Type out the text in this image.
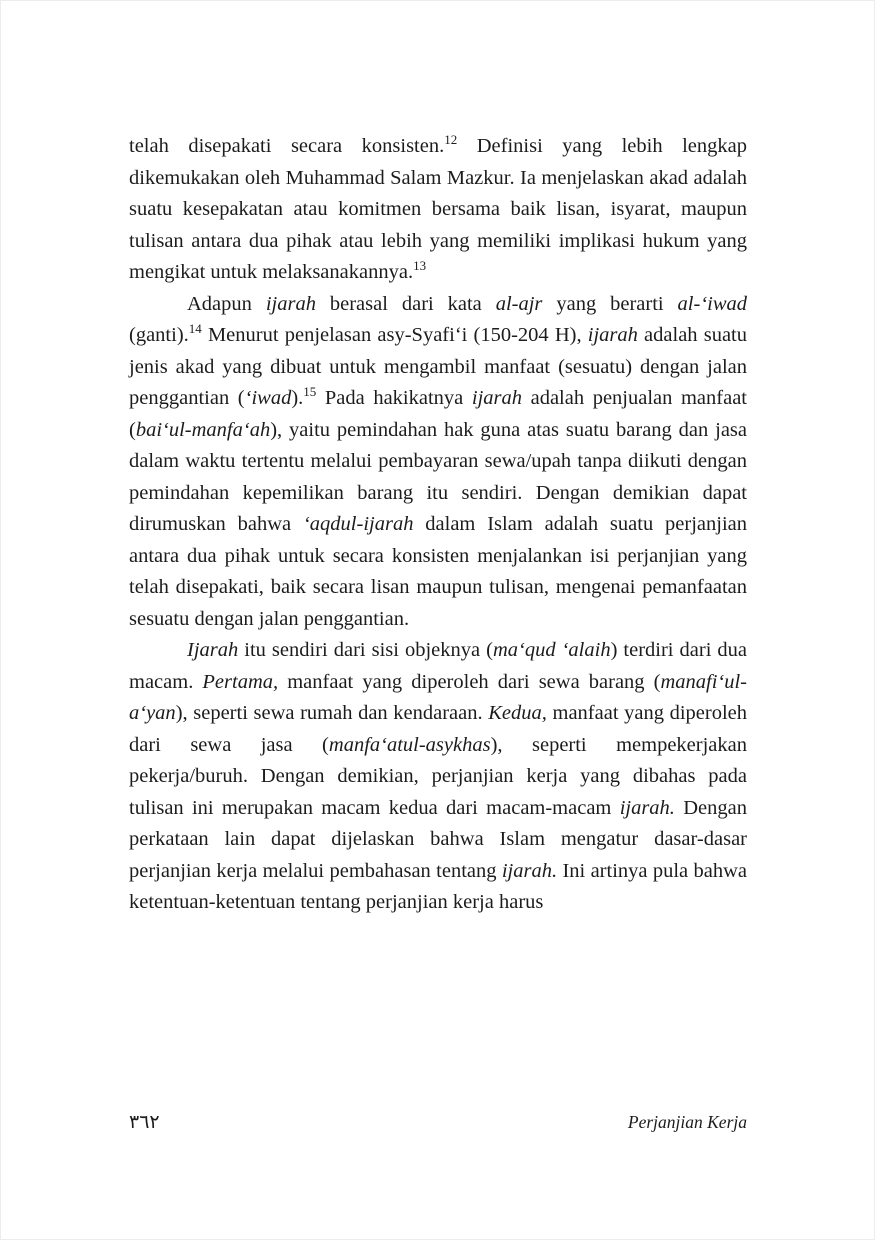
telah disepakati secara konsisten.$^{12}$ Definisi yang lebih lengkap dikemukakan oleh Muhammad Salam Mazkur. Ia menjelaskan akad adalah suatu kesepakatan atau komitmen bersama baik lisan, isyarat, maupun tulisan antara dua pihak atau lebih yang memiliki implikasi hukum yang mengikat untuk melaksanakannya.$^{13}$

Adapun ijarah berasal dari kata al-ajr yang berarti al-‘iwad (ganti).$^{14}$ Menurut penjelasan asy-Syafi‘i (150-204 H), ijarah adalah suatu jenis akad yang dibuat untuk mengambil manfaat (sesuatu) dengan jalan penggantian (‘iwad).$^{15}$ Pada hakikatnya ijarah adalah penjualan manfaat (bai‘ul-manfa‘ah), yaitu pemindahan hak guna atas suatu barang dan jasa dalam waktu tertentu melalui pembayaran sewa/upah tanpa diikuti dengan pemindahan kepemilikan barang itu sendiri. Dengan demikian dapat dirumuskan bahwa ‘aqdul-ijarah dalam Islam adalah suatu perjanjian antara dua pihak untuk secara konsisten menjalankan isi perjanjian yang telah disepakati, baik secara lisan maupun tulisan, mengenai pemanfaatan sesuatu dengan jalan penggantian.

Ijarah itu sendiri dari sisi objeknya (ma‘qud ‘alaih) terdiri dari dua macam. Pertama, manfaat yang diperoleh dari sewa barang (manafi‘ul-a‘yan), seperti sewa rumah dan kendaraan. Kedua, manfaat yang diperoleh dari sewa jasa (manfa‘atul-asykhas), seperti mempekerjakan pekerja/buruh. Dengan demikian, perjanjian kerja yang dibahas pada tulisan ini merupakan macam kedua dari macam-macam ijarah. Dengan perkataan lain dapat dijelaskan bahwa Islam mengatur dasar-dasar perjanjian kerja melalui pembahasan tentang ijarah. Ini artinya pula bahwa ketentuan-ketentuan tentang perjanjian kerja harus

٣٦٢	Perjanjian Kerja
